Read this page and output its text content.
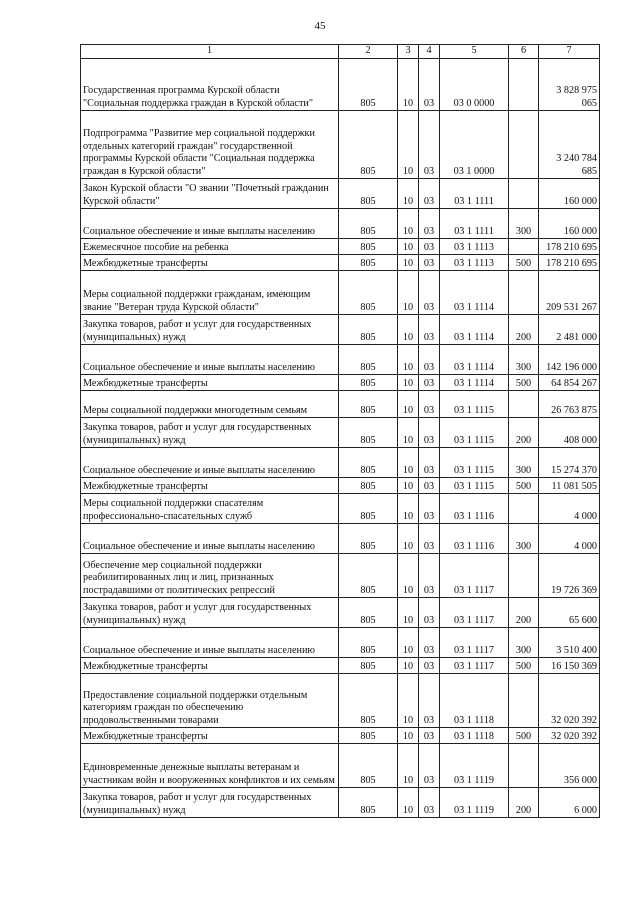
45
1	2	3	4	5	6	7
Государственная программа Курской области "Социальная поддержка граждан в Курской области"	805	10	03	03 0 0000		3 828 975 065
Подпрограмма "Развитие мер социальной поддержки отдельных категорий граждан" государственной программы Курской области "Социальная поддержка граждан в Курской области"	805	10	03	03 1 0000		3 240 784 685
Закон Курской области "О звании "Почетный гражданин Курской области"	805	10	03	03 1 1111		160 000
Социальное обеспечение и иные выплаты населению	805	10	03	03 1 1111	300	160 000
Ежемесячное пособие на ребенка	805	10	03	03 1 1113		178 210 695
Межбюджетные трансферты	805	10	03	03 1 1113	500	178 210 695
Меры социальной поддержки гражданам, имеющим звание "Ветеран труда Курской области"	805	10	03	03 1 1114		209 531 267
Закупка товаров, работ и услуг для государственных (муниципальных) нужд	805	10	03	03 1 1114	200	2 481 000
Социальное обеспечение и иные выплаты населению	805	10	03	03 1 1114	300	142 196 000
Межбюджетные трансферты	805	10	03	03 1 1114	500	64 854 267
Меры социальной поддержки многодетным семьям	805	10	03	03 1 1115		26 763 875
Закупка товаров, работ и услуг для государственных (муниципальных) нужд	805	10	03	03 1 1115	200	408 000
Социальное обеспечение и иные выплаты населению	805	10	03	03 1 1115	300	15 274 370
Межбюджетные трансферты	805	10	03	03 1 1115	500	11 081 505
Меры социальной поддержки спасателям профессионально-спасательных служб	805	10	03	03 1 1116		4 000
Социальное обеспечение и иные выплаты населению	805	10	03	03 1 1116	300	4 000
Обеспечение мер социальной поддержки реабилитированных лиц и лиц, признанных пострадавшими от политических репрессий	805	10	03	03 1 1117		19 726 369
Закупка товаров, работ и услуг для государственных (муниципальных) нужд	805	10	03	03 1 1117	200	65 600
Социальное обеспечение и иные выплаты населению	805	10	03	03 1 1117	300	3 510 400
Межбюджетные трансферты	805	10	03	03 1 1117	500	16 150 369
Предоставление социальной поддержки отдельным категориям граждан по обеспечению продовольственными товарами	805	10	03	03 1 1118		32 020 392
Межбюджетные трансферты	805	10	03	03 1 1118	500	32 020 392
Единовременные денежные выплаты ветеранам и участникам войн и вооруженных конфликтов и их семьям	805	10	03	03 1 1119		356 000
Закупка товаров, работ и услуг для государственных (муниципальных) нужд	805	10	03	03 1 1119	200	6 000
